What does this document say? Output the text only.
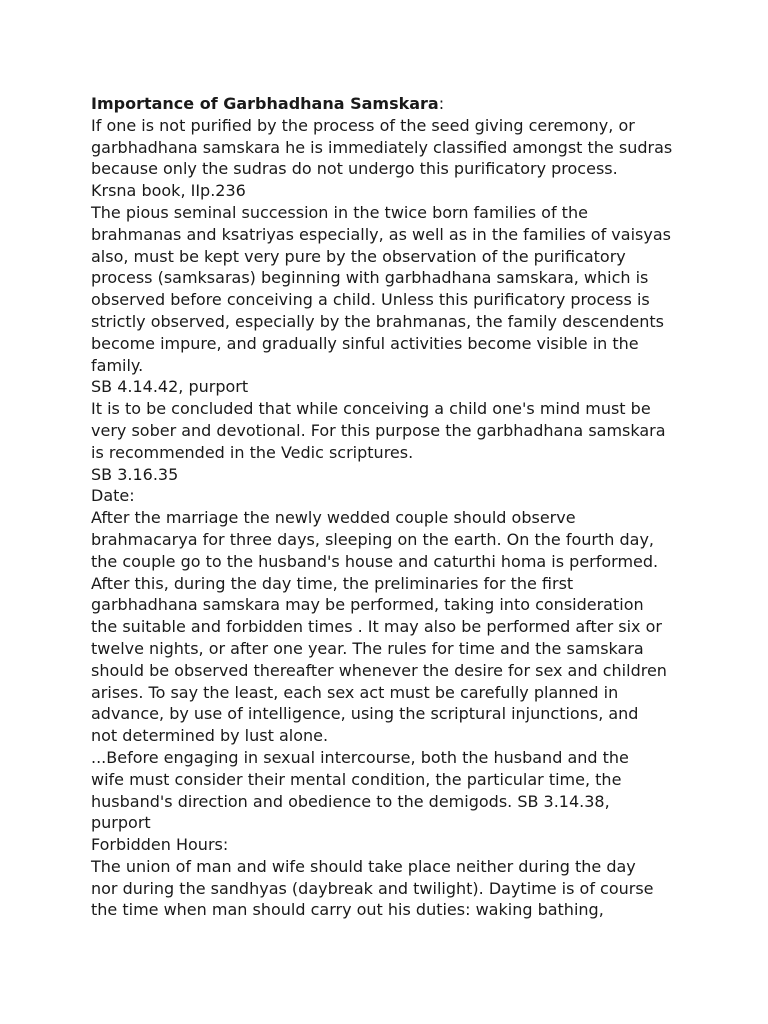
Importance of Garbhadhana Samskara:
If one is not purified by the process of the seed giving ceremony, or
garbhadhana samskara he is immediately classified amongst the sudras
because only the sudras do not undergo this purificatory process.
Krsna book, IIp.236
The pious seminal succession in the twice born families of the
brahmanas and ksatriyas especially, as well as in the families of vaisyas
also, must be kept very pure by the observation of the purificatory
process (samksaras) beginning with garbhadhana samskara, which is
observed before conceiving a child. Unless this purificatory process is
strictly observed, especially by the brahmanas, the family descendents
become impure, and gradually sinful activities become visible in the
family.
SB 4.14.42, purport
It is to be concluded that while conceiving a child one's mind must be
very sober and devotional. For this purpose the garbhadhana samskara
is recommended in the Vedic scriptures.
SB 3.16.35
Date:
After the marriage the newly wedded couple should observe
brahmacarya for three days, sleeping on the earth. On the fourth day,
the couple go to the husband's house and caturthi homa is performed.
After this, during the day time, the preliminaries for the first
garbhadhana samskara may be performed, taking into consideration
the suitable and forbidden times . It may also be performed after six or
twelve nights, or after one year. The rules for time and the samskara
should be observed thereafter whenever the desire for sex and children
arises. To say the least, each sex act must be carefully planned in
advance, by use of intelligence, using the scriptural injunctions, and
not determined by lust alone.
...Before engaging in sexual intercourse, both the husband and the
wife must consider their mental condition, the particular time, the
husband's direction and obedience to the demigods. SB 3.14.38,
purport
Forbidden Hours:
The union of man and wife should take place neither during the day
nor during the sandhyas (daybreak and twilight). Daytime is of course
the time when man should carry out his duties: waking bathing,
